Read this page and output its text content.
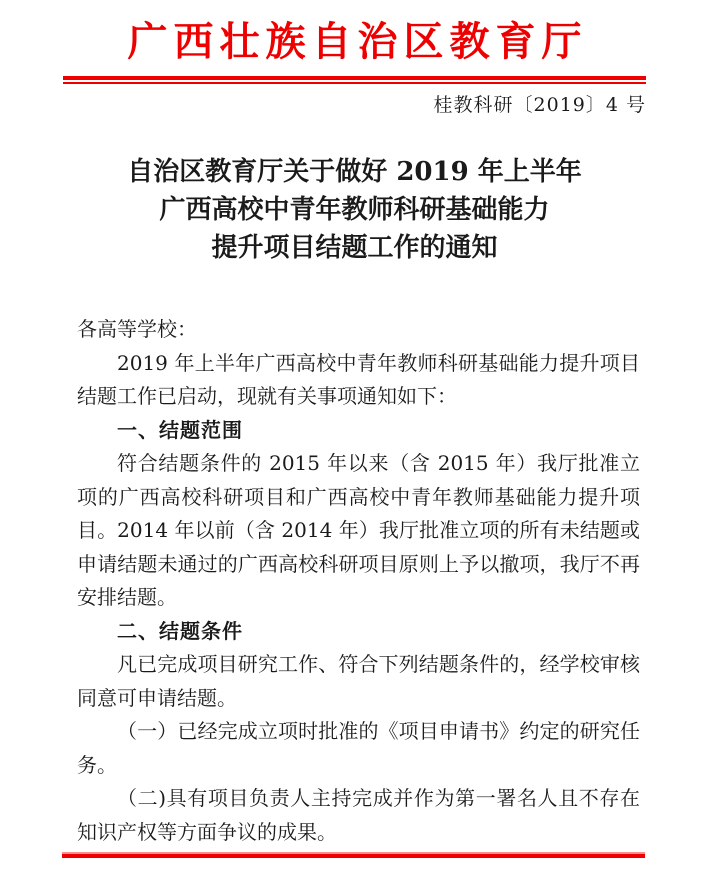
广西壮族自治区教育厅
桂教科研〔2019〕4 号
自治区教育厅关于做好 2019 年上半年
广西高校中青年教师科研基础能力
提升项目结题工作的通知

各高等学校：

2019 年上半年广西高校中青年教师科研基础能力提升项目结题工作已启动，现就有关事项通知如下：

一、结题范围

符合结题条件的 2015 年以来（含 2015 年）我厅批准立项的广西高校科研项目和广西高校中青年教师基础能力提升项目。2014 年以前（含 2014 年）我厅批准立项的所有未结题或申请结题未通过的广西高校科研项目原则上予以撤项，我厅不再安排结题。

二、结题条件

凡已完成项目研究工作、符合下列结题条件的，经学校审核同意可申请结题。

（一）已经完成立项时批准的《项目申请书》约定的研究任务。

（二)具有项目负责人主持完成并作为第一署名人且不存在知识产权等方面争议的成果。
